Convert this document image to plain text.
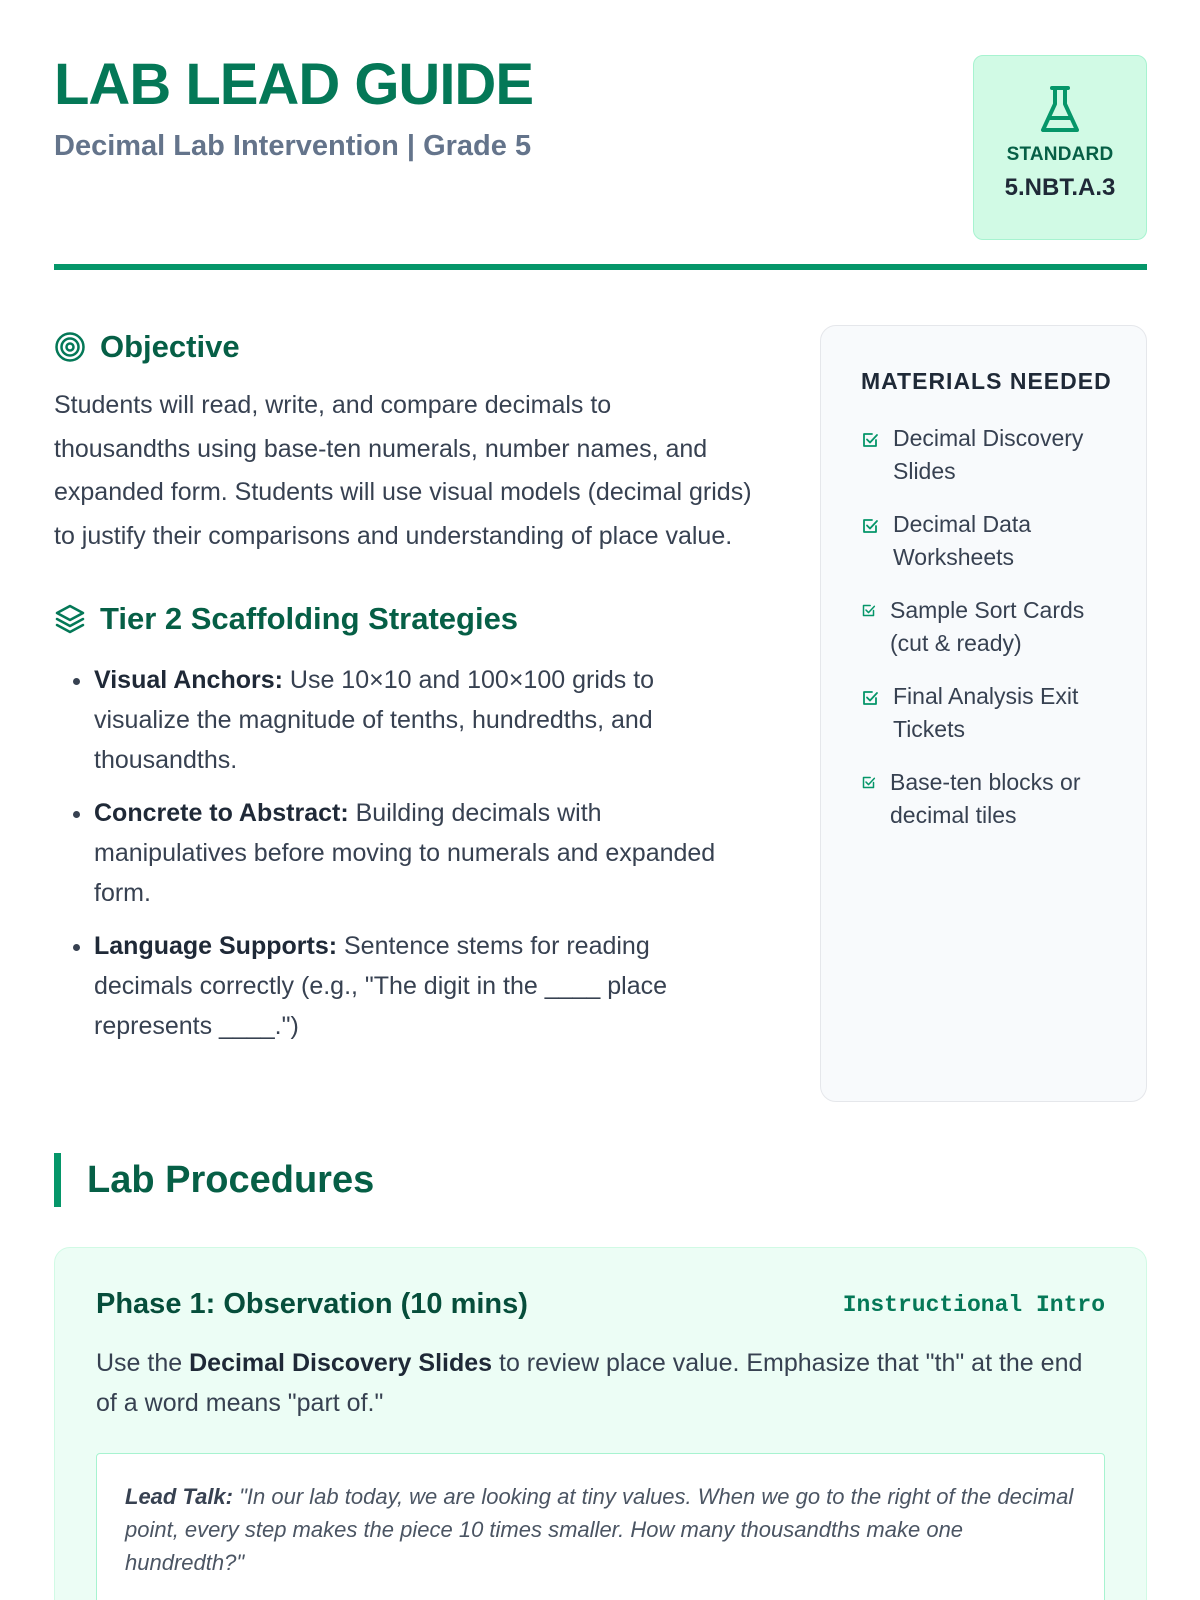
LAB LEAD GUIDE
Decimal Lab Intervention | Grade 5	STANDARD
5.NBT.A.3
Objective

Students will read, write, and compare decimals to thousandths using base-ten numerals, number names, and expanded form. Students will use visual models (decimal grids) to justify their comparisons and understanding of place value.

Tier 2 Scaffolding Strategies
• Visual Anchors: Use 10×10 and 100×100 grids to visualize the magnitude of tenths, hundredths, and thousandths.
• Concrete to Abstract: Building decimals with manipulatives before moving to numerals and expanded form.
• Language Supports: Sentence stems for reading decimals correctly (e.g., "The digit in the ____ place represents ____.")
MATERIALS NEEDED
Decimal Discovery Slides
Decimal Data Worksheets
Sample Sort Cards (cut & ready)
Final Analysis Exit Tickets
Base-ten blocks or decimal tiles
Lab Procedures
Phase 1: Observation (10 mins)	Instructional Intro

Use the Decimal Discovery Slides to review place value. Emphasize that "th" at the end of a word means "part of."

Lead Talk: "In our lab today, we are looking at tiny values. When we go to the right of the decimal point, every step makes the piece 10 times smaller. How many thousandths make one hundredth?"
